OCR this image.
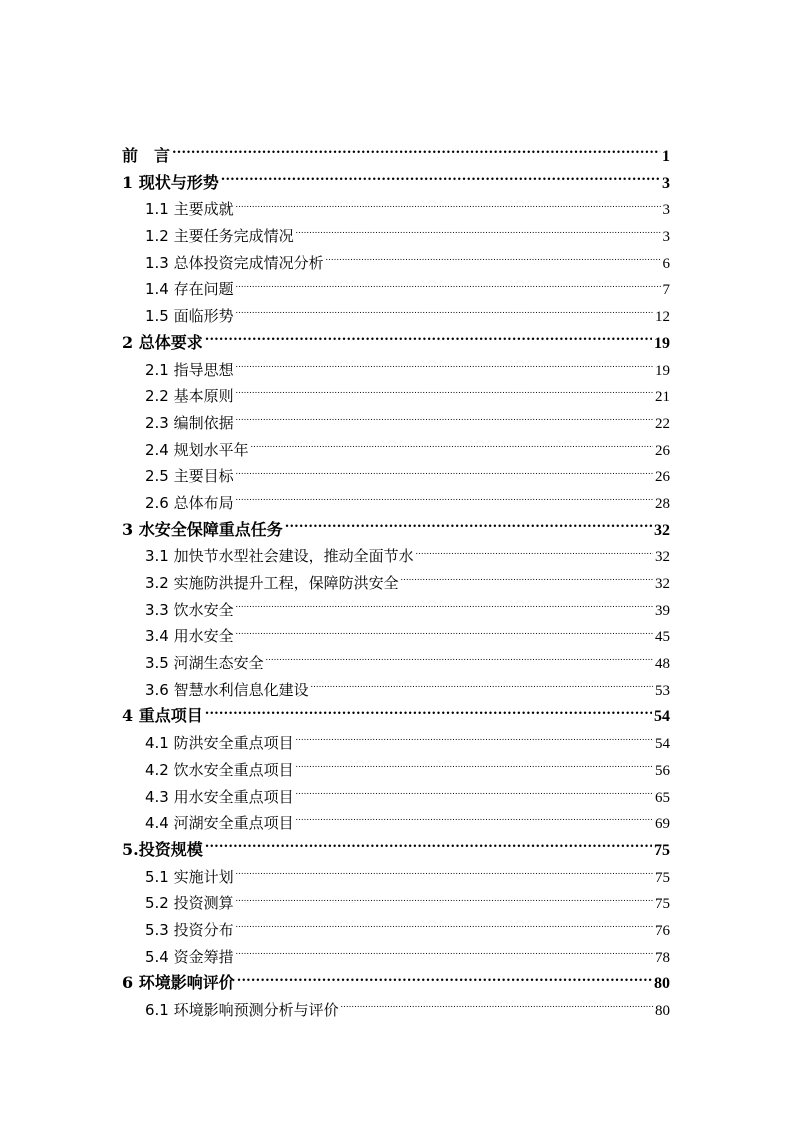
前　言 .....	1
1 现状与形势 .....	3
1.1 主要成就 .....	3
1.2 主要任务完成情况 .....	3
1.3 总体投资完成情况分析 .....	6
1.4 存在问题 .....	7
1.5 面临形势 .....	12
2 总体要求 .....	19
2.1 指导思想 .....	19
2.2 基本原则 .....	21
2.3 编制依据 .....	22
2.4 规划水平年 .....	26
2.5 主要目标 .....	26
2.6 总体布局 .....	28
3 水安全保障重点任务 .....	32
3.1 加快节水型社会建设，推动全面节水 .....	32
3.2 实施防洪提升工程，保障防洪安全 .....	32
3.3 饮水安全 .....	39
3.4 用水安全 .....	45
3.5 河湖生态安全 .....	48
3.6 智慧水利信息化建设 .....	53
4 重点项目 .....	54
4.1 防洪安全重点项目 .....	54
4.2 饮水安全重点项目 .....	56
4.3 用水安全重点项目 .....	65
4.4 河湖安全重点项目 .....	69
5.投资规模 .....	75
5.1 实施计划 .....	75
5.2 投资测算 .....	75
5.3 投资分布 .....	76
5.4 资金筹措 .....	78
6 环境影响评价 .....	80
6.1 环境影响预测分析与评价 .....	80
